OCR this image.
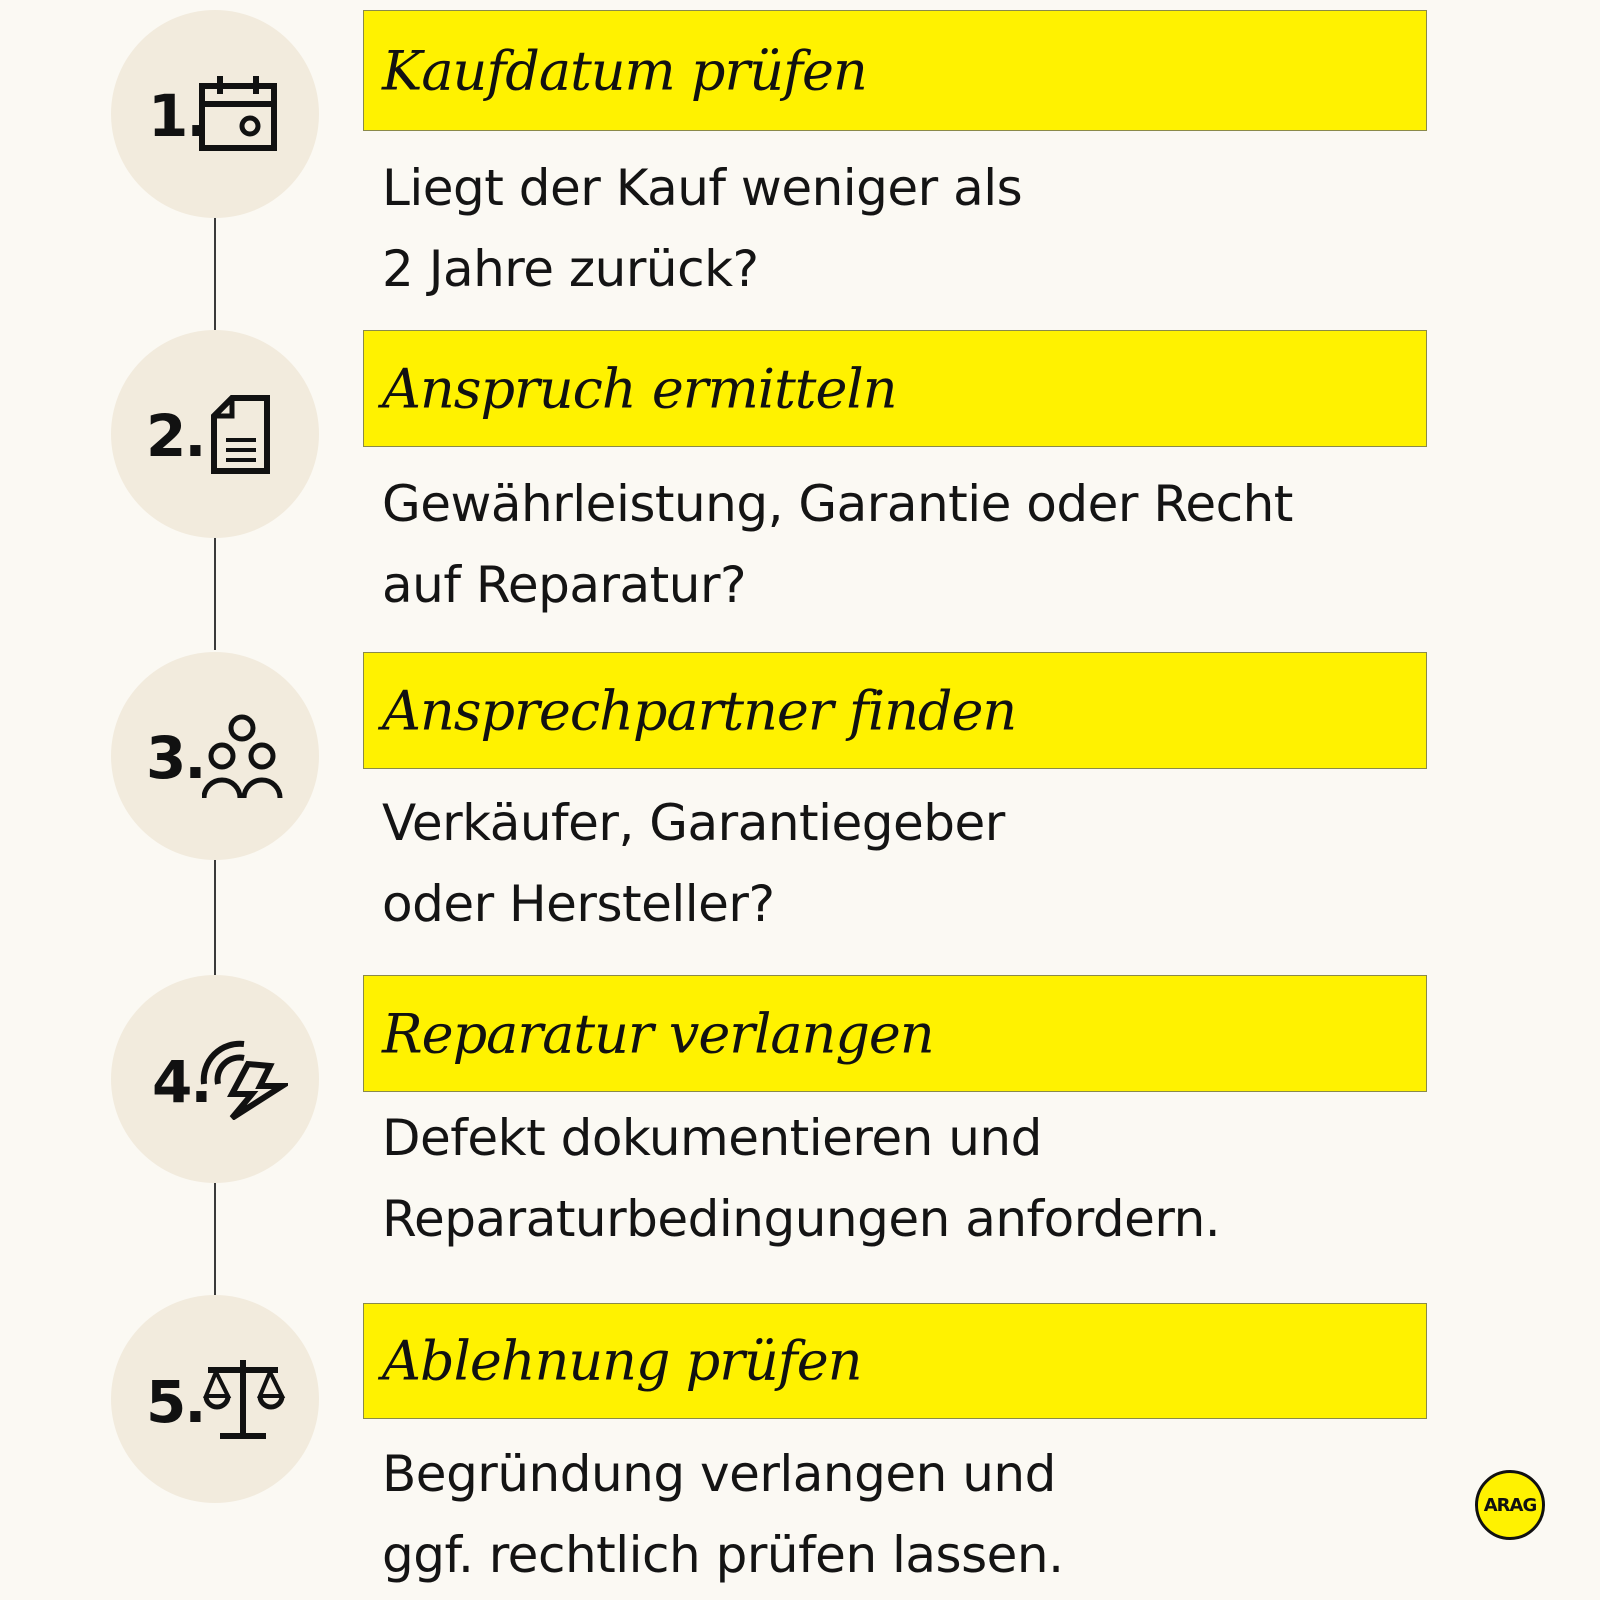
1.
Kaufdatum prüfen
Liegt der Kauf weniger als
2 Jahre zurück?
2.
Anspruch ermitteln
Gewährleistung, Garantie oder Recht
auf Reparatur?
3.
Ansprechpartner finden
Verkäufer, Garantiegeber
oder Hersteller?
4.
Reparatur verlangen
Defekt dokumentieren und
Reparaturbedingungen anfordern.
5.
Ablehnung prüfen
Begründung verlangen und
ggf. rechtlich prüfen lassen.
ARAG
